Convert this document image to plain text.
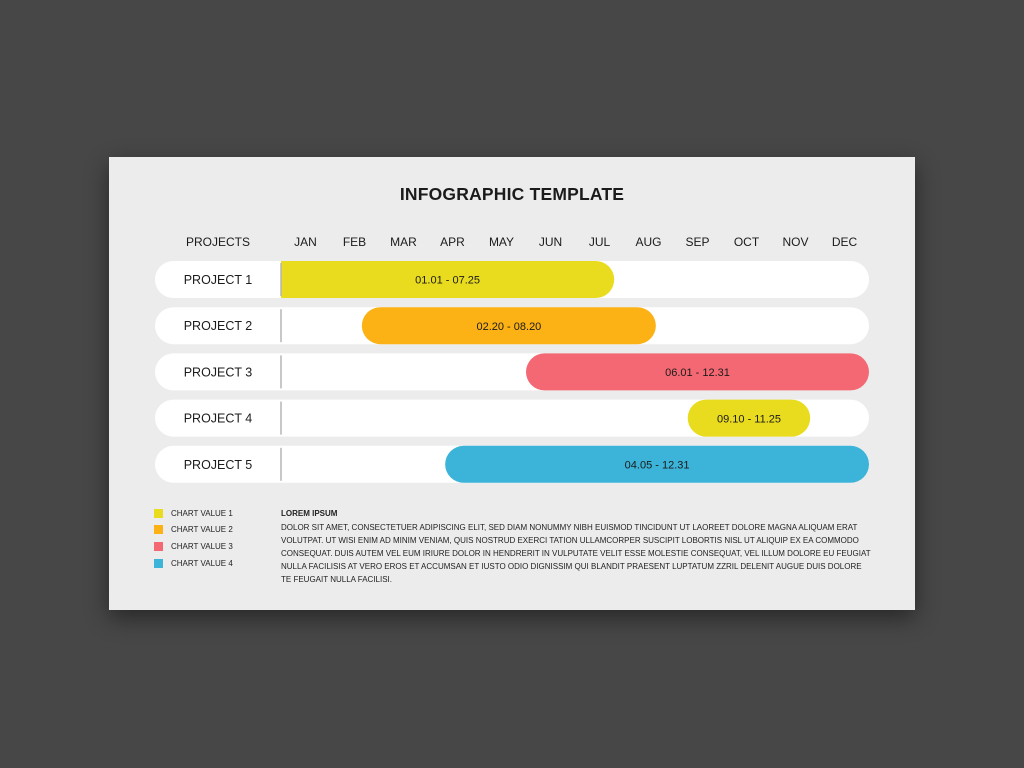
INFOGRAPHIC TEMPLATE
PROJECTS	JAN FEB MAR APR MAY JUN JUL AUG SEP OCT NOV DEC
PROJECT 1	01.01 - 07.25
PROJECT 2	02.20 - 08.20
PROJECT 3	06.01 - 12.31
PROJECT 4	09.10 - 11.25
PROJECT 5	04.05 - 12.31
CHART VALUE 1
CHART VALUE 2
CHART VALUE 3
CHART VALUE 4
LOREM IPSUM
DOLOR SIT AMET, CONSECTETUER ADIPISCING ELIT, SED DIAM NONUMMY NIBH EUISMOD TINCIDUNT UT LAOREET DOLORE MAGNA ALIQUAM ERAT VOLUTPAT. UT WISI ENIM AD MINIM VENIAM, QUIS NOSTRUD EXERCI TATION ULLAMCORPER SUSCIPIT LOBORTIS NISL UT ALIQUIP EX EA COMMODO CONSEQUAT. DUIS AUTEM VEL EUM IRIURE DOLOR IN HENDRERIT IN VULPUTATE VELIT ESSE MOLESTIE CONSEQUAT, VEL ILLUM DOLORE EU FEUGIAT NULLA FACILISIS AT VERO EROS ET ACCUMSAN ET IUSTO ODIO DIGNISSIM QUI BLANDIT PRAESENT LUPTATUM ZZRIL DELENIT AUGUE DUIS DOLORE TE FEUGAIT NULLA FACILISI.
